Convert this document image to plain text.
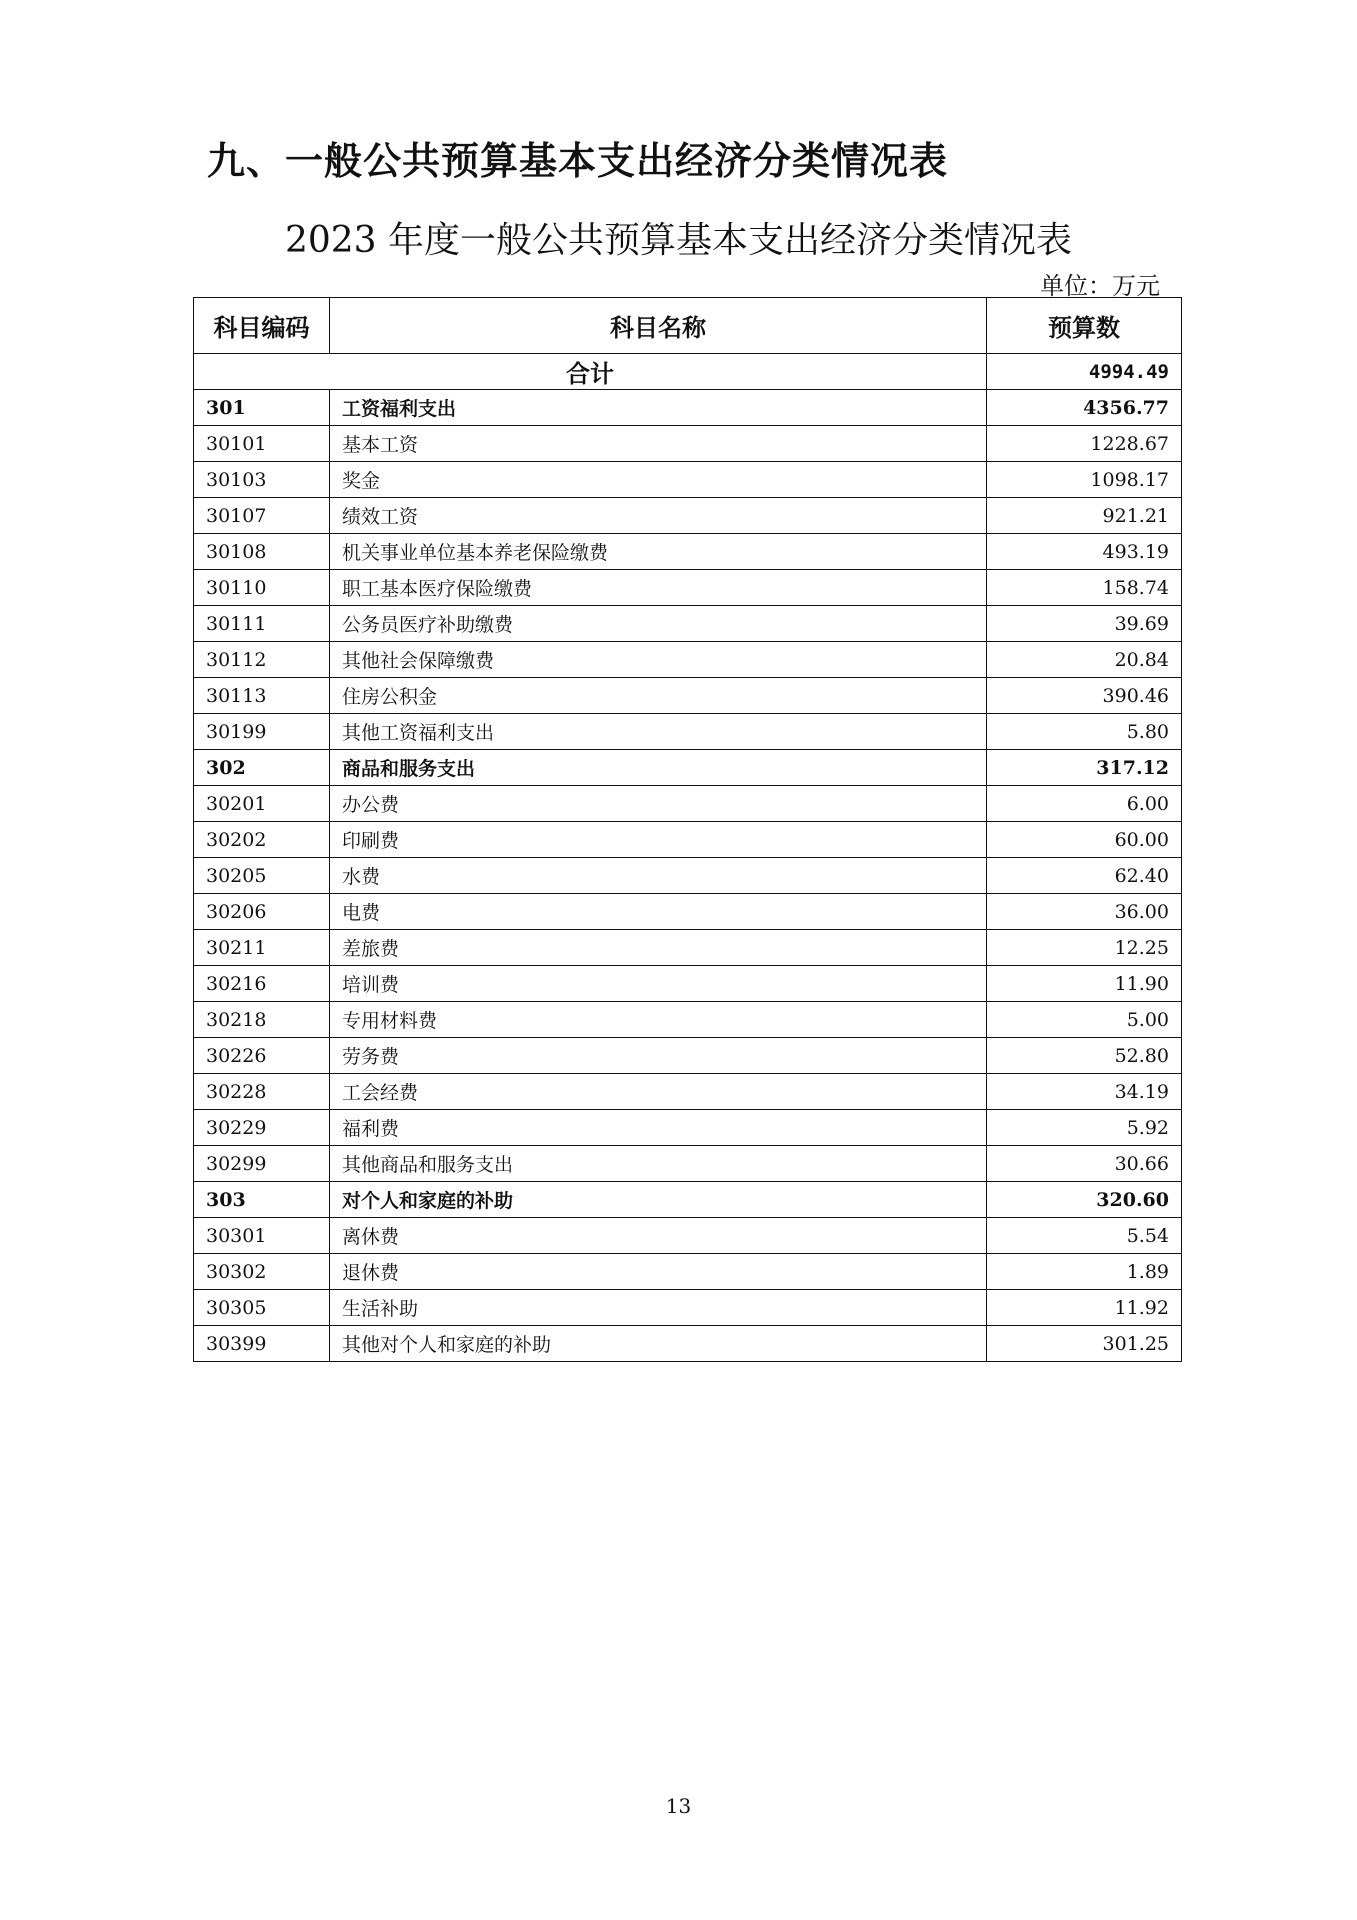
九、一般公共预算基本支出经济分类情况表
2023 年度一般公共预算基本支出经济分类情况表
单位：万元
科目编码	科目名称	预算数
合计		4994.49
301	工资福利支出	4356.77
30101	基本工资	1228.67
30103	奖金	1098.17
30107	绩效工资	921.21
30108	机关事业单位基本养老保险缴费	493.19
30110	职工基本医疗保险缴费	158.74
30111	公务员医疗补助缴费	39.69
30112	其他社会保障缴费	20.84
30113	住房公积金	390.46
30199	其他工资福利支出	5.80
302	商品和服务支出	317.12
30201	办公费	6.00
30202	印刷费	60.00
30205	水费	62.40
30206	电费	36.00
30211	差旅费	12.25
30216	培训费	11.90
30218	专用材料费	5.00
30226	劳务费	52.80
30228	工会经费	34.19
30229	福利费	5.92
30299	其他商品和服务支出	30.66
303	对个人和家庭的补助	320.60
30301	离休费	5.54
30302	退休费	1.89
30305	生活补助	11.92
30399	其他对个人和家庭的补助	301.25
13
